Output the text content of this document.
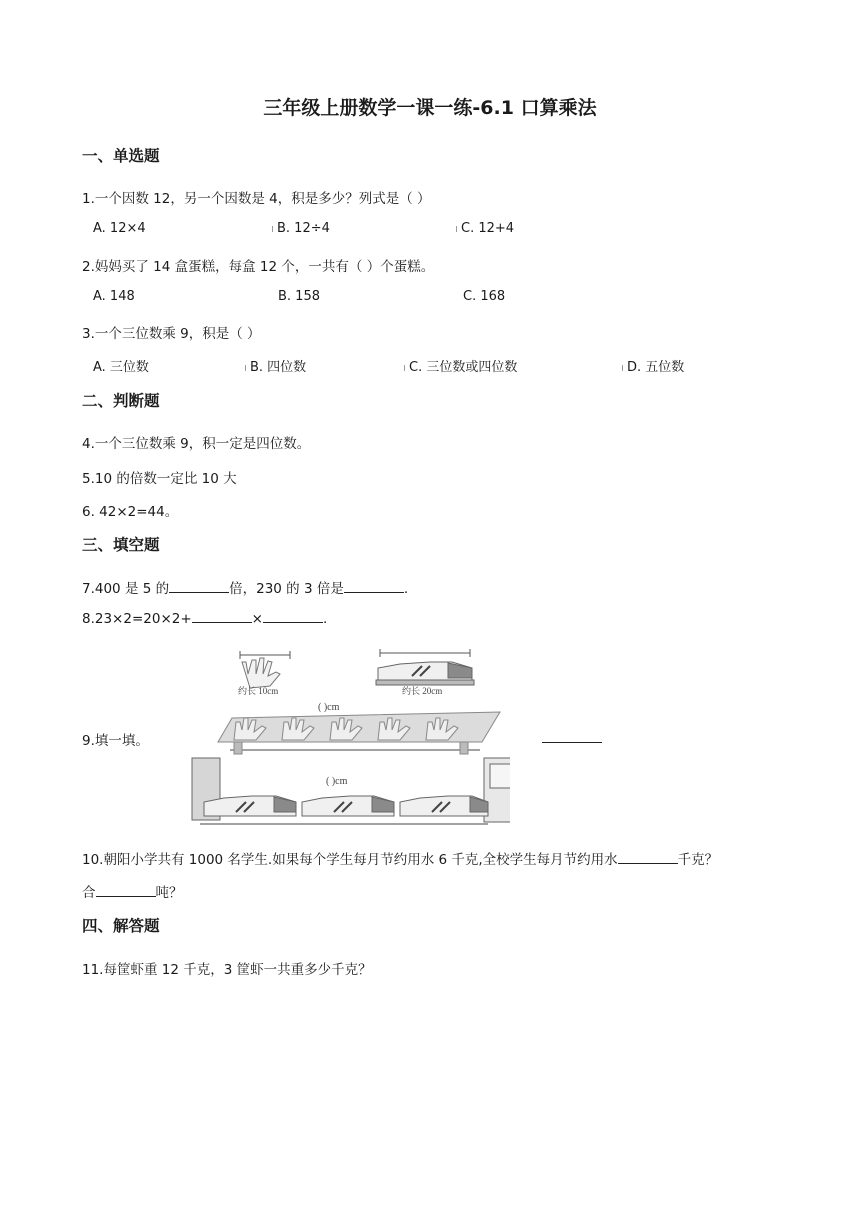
三年级上册数学一课一练-6.1 口算乘法
一、单选题
1.一个因数 12，另一个因数是 4，积是多少？列式是（ ）
A. 12×4	B. 12÷4	C. 12+4
2.妈妈买了 14 盒蛋糕，每盒 12 个，一共有（ ）个蛋糕。
A. 148	B. 158	C. 168
3.一个三位数乘 9，积是（ ）
A. 三位数	B. 四位数	C. 三位数或四位数	D. 五位数
二、判断题
4.一个三位数乘 9，积一定是四位数。
5.10 的倍数一定比 10 大
6. 42×2=44。
三、填空题
7.400 是 5 的	倍，230 的 3 倍是	.
8.23×2=20×2+	×	.
9.填一填。
约长 10cm	约长 20cm
( )cm
( )cm
10.朝阳小学共有 1000 名学生.如果每个学生每月节约用水 6 千克,全校学生每月节约用水	千克？
合	吨？
四、解答题
11.每筐虾重 12 千克，3 筐虾一共重多少千克？
